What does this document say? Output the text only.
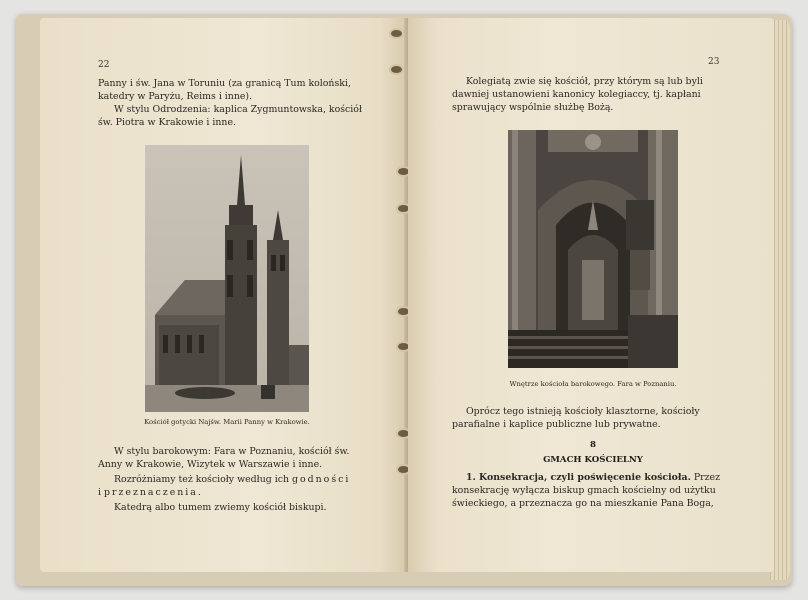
22
Panny i św. Jana w Toruniu (za granicą Tum koloński,
katedry w Paryżu, Reims i inne).
W stylu Odrodzenia: kaplica Zygmuntowska, kościół
św. Piotra w Krakowie i inne.
Kościół gotycki Najśw. Marii Panny w Krakowie.
W stylu barokowym: Fara w Poznaniu, kościół św.
Anny w Krakowie, Wizytek w Warszawie i inne.
Rozróżniamy też kościoły według ich godności
i przeznaczenia.
Katedrą albo tumem zwiemy kościół biskupi.
23
Kolegiatą zwie się kościół, przy którym są lub byli
dawniej ustanowieni kanonicy kolegiaccy, tj. kapłani
sprawujący wspólnie służbę Bożą.
Wnętrze kościoła barokowego. Fara w Poznaniu.
Oprócz tego istnieją kościoły klasztorne, kościoły
parafialne i kaplice publiczne lub prywatne.
8
GMACH KOŚCIELNY
1. Konsekracja, czyli poświęcenie kościoła. Przez
konsekrację wyłącza biskup gmach kościelny od użytku
świeckiego, a przeznacza go na mieszkanie Pana Boga,
